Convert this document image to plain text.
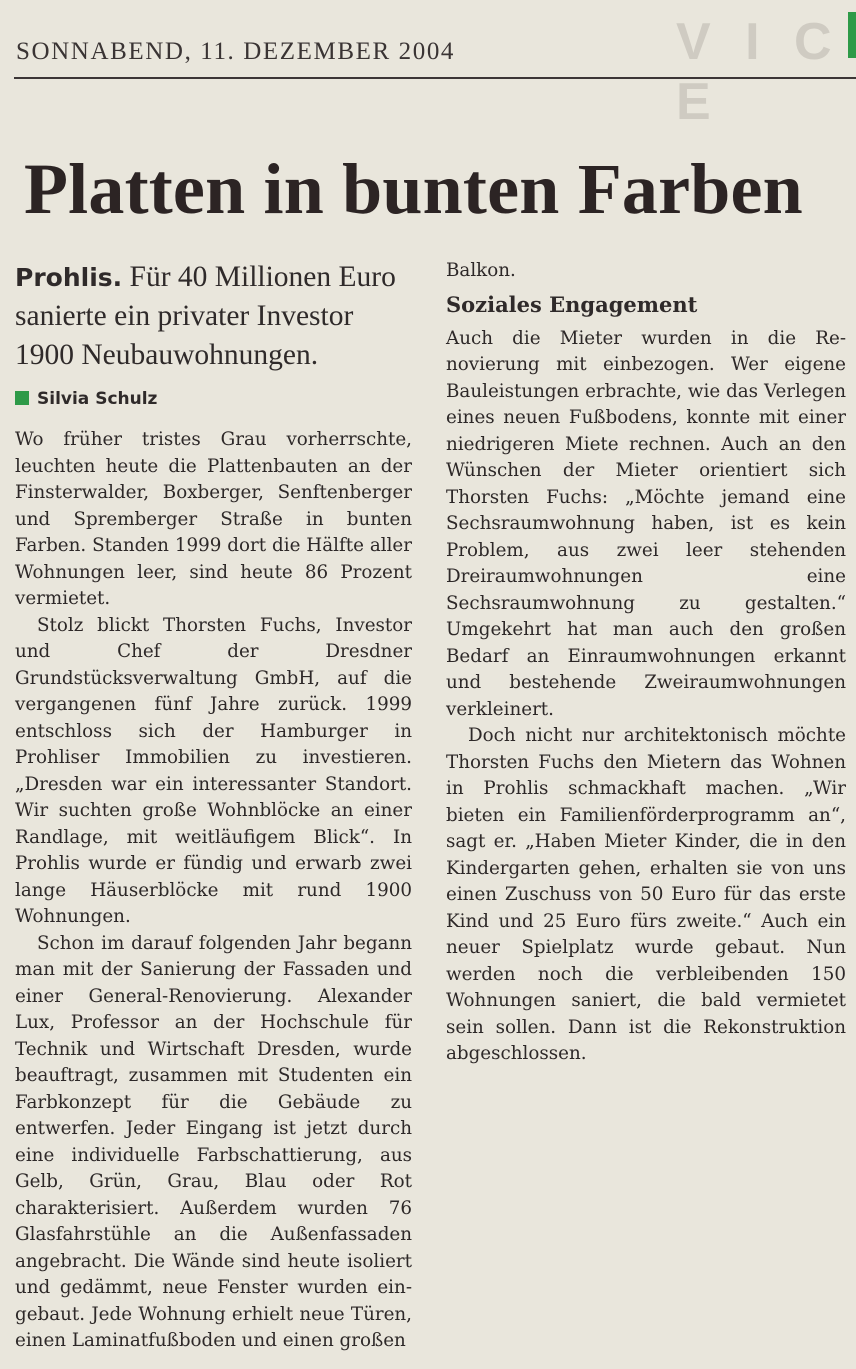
V I C E
SONNABEND, 11. DEZEMBER 2004
Platten in bunten Farben

Prohlis. Für 40 Millionen Euro sanierte ein privater Investor 1900 Neubauwohnungen.

Silvia Schulz

Wo früher tristes Grau vorherrschte, leuchten heute die Plattenbauten an der Finsterwalder, Boxberger, Senftenberger und Spremberger Straße in bunten Farben. Standen 1999 dort die Hälfte aller Wohnungen leer, sind heute 86 Prozent vermietet.

Stolz blickt Thorsten Fuchs, Investor und Chef der Dresdner Grundstücksverwaltung GmbH, auf die vergangenen fünf Jahre zurück. 1999 entschloss sich der Hamburger in Prohliser Immobilien zu investieren. „Dresden war ein interessanter Standort. Wir suchten große Wohnblöcke an einer Randlage, mit weitläufigem Blick“. In Prohlis wurde er fündig und erwarb zwei lange Häuserblöcke mit rund 1900 Wohnungen.

Schon im darauf folgenden Jahr begann man mit der Sanierung der Fassaden und einer General-Renovierung. Alexander Lux, Professor an der Hochschule für Technik und Wirtschaft Dresden, wurde beauftragt, zusammen mit Studenten ein Farbkonzept für die Gebäude zu entwerfen. Jeder Eingang ist jetzt durch eine individuelle Farbschattierung, aus Gelb, Grün, Grau, Blau oder Rot charakterisiert. Außerdem wurden 76 Glasfahrstühle an die Außenfassaden angebracht. Die Wände sind heute isoliert und gedämmt, neue Fenster wurden eingebaut. Jede Wohnung erhielt neue Türen, einen Laminatfußboden und einen großen

Balkon.

Soziales Engagement

Auch die Mieter wurden in die Renovierung mit einbezogen. Wer eigene Bauleistungen erbrachte, wie das Verlegen eines neuen Fußbodens, konnte mit einer niedrigeren Miete rechnen. Auch an den Wünschen der Mieter orientiert sich Thorsten Fuchs: „Möchte jemand eine Sechsraumwohnung haben, ist es kein Problem, aus zwei leer stehenden Dreiraumwohnungen eine Sechsraumwohnung zu gestalten.“ Umgekehrt hat man auch den großen Bedarf an Einraumwohnungen erkannt und bestehende Zweiraumwohnungen verkleinert.

Doch nicht nur architektonisch möchte Thorsten Fuchs den Mietern das Wohnen in Prohlis schmackhaft machen. „Wir bieten ein Familienförderprogramm an“, sagt er. „Haben Mieter Kinder, die in den Kindergarten gehen, erhalten sie von uns einen Zuschuss von 50 Euro für das erste Kind und 25 Euro fürs zweite.“ Auch ein neuer Spielplatz wurde gebaut. Nun werden noch die verbleibenden 150 Wohnungen saniert, die bald vermietet sein sollen. Dann ist die Rekonstruktion abgeschlossen.
